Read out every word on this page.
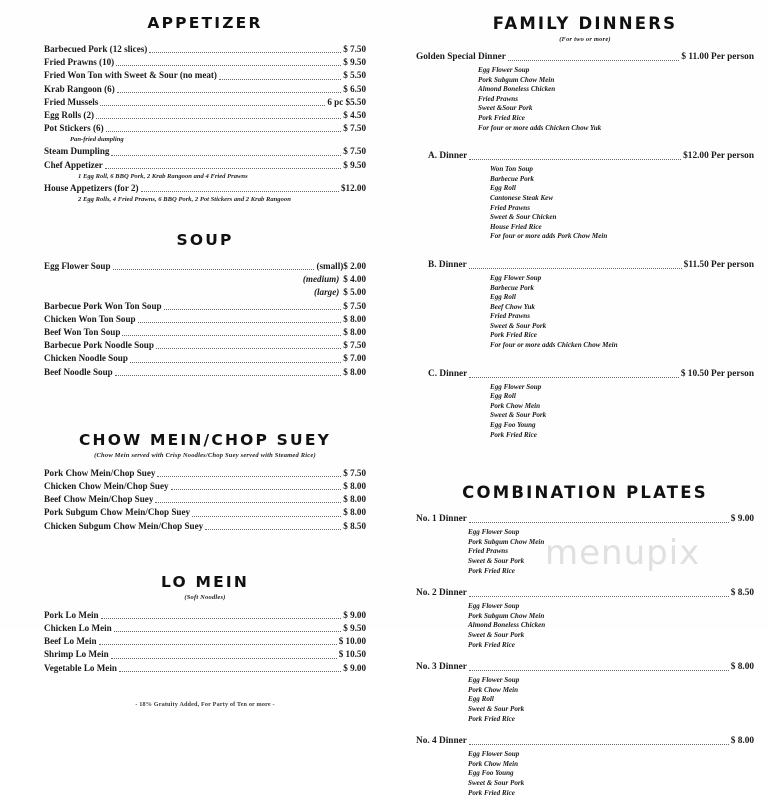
APPETIZER
Barbecued Pork (12 slices)	$ 7.50
Fried Prawns (10)	$ 9.50
Fried Won Ton with Sweet & Sour (no meat)	$ 5.50
Krab Rangoon (6)	$ 6.50
Fried Mussels	6 pc $5.50
Egg Rolls (2)	$ 4.50
Pot Stickers (6)	$ 7.50
Pan-fried dumpling
Steam Dumpling	$ 7.50
Chef Appetizer	$ 9.50
1 Egg Roll, 6 BBQ Pork, 2 Krab Rangoon and 4 Fried Prawns
House Appetizers (for 2)	$12.00
2 Egg Rolls, 4 Fried Prawns, 6 BBQ Pork, 2 Pot Stickers and 2 Krab Rangoon
SOUP
Egg Flower Soup	(small) $ 2.00
(medium) $ 4.00
(large) $ 5.00
Barbecue Pork Won Ton Soup	$ 7.50
Chicken Won Ton Soup	$ 8.00
Beef Won Ton Soup	$ 8.00
Barbecue Pork Noodle Soup	$ 7.50
Chicken Noodle Soup	$ 7.00
Beef Noodle Soup	$ 8.00
CHOW MEIN/CHOP SUEY
(Chow Mein served with Crisp Noodles/Chop Suey served with Steamed Rice)
Pork Chow Mein/Chop Suey	$ 7.50
Chicken Chow Mein/Chop Suey	$ 8.00
Beef Chow Mein/Chop Suey	$ 8.00
Pork Subgum Chow Mein/Chop Suey	$ 8.00
Chicken Subgum Chow Mein/Chop Suey	$ 8.50
LO MEIN
(Soft Noodles)
Pork Lo Mein	$ 9.00
Chicken Lo Mein	$ 9.50
Beef Lo Mein	$ 10.00
Shrimp Lo Mein	$ 10.50
Vegetable Lo Mein	$ 9.00
- 18% Gratuity Added, For Party of Ten or more -
FAMILY DINNERS
(For two or more)
Golden Special Dinner	$ 11.00 Per person
Egg Flower Soup
Pork Subgum Chow Mein
Almond Boneless Chicken
Fried Prawns
Sweet &Sour Pork
Pork Fried Rice
For four or more adds Chicken Chow Yuk
A. Dinner	$12.00 Per person
Won Ton Soup
Barbecue Pork
Egg Roll
Cantonese Steak Kew
Fried Prawns
Sweet & Sour Chicken
House Fried Rice
For four or more adds Pork Chow Mein
B. Dinner	$11.50 Per person
Egg Flower Soup
Barbecue Pork
Egg Roll
Beef Chow Yuk
Fried Prawns
Sweet & Sour Pork
Pork Fried Rice
For four or more adds Chicken Chow Mein
C. Dinner	$ 10.50 Per person
Egg Flower Soup
Egg Roll
Pork Chow Mein
Sweet & Sour Pork
Egg Foo Young
Pork Fried Rice
COMBINATION PLATES
No. 1 Dinner	$ 9.00
Egg Flower Soup
Pork Subgum Chow Mein
Fried Prawns
Sweet & Sour Pork
Pork Fried Rice
No. 2 Dinner	$ 8.50
Egg Flower Soup
Pork Subgum Chow Mein
Almond Boneless Chicken
Sweet & Sour Pork
Pork Fried Rice
No. 3 Dinner	$ 8.00
Egg Flower Soup
Pork Chow Mein
Egg Roll
Sweet & Sour Pork
Pork Fried Rice
No. 4 Dinner	$ 8.00
Egg Flower Soup
Pork Chow Mein
Egg Foo Young
Sweet & Sour Pork
Pork Fried Rice
menupix
